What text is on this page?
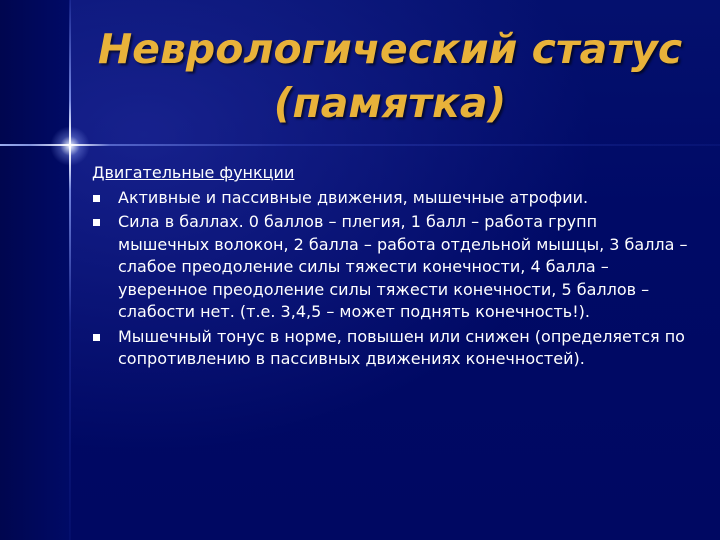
Неврологический статус
(памятка)
Двигательные функции
Активные и пассивные движения, мышечные атрофии.
Сила в баллах. 0 баллов – плегия, 1 балл – работа групп мышечных волокон, 2 балла – работа отдельной мышцы, 3 балла – слабое преодоление силы тяжести конечности, 4 балла – уверенное преодоление силы тяжести конечности, 5 баллов – слабости нет. (т.е. 3,4,5 – может поднять конечность!).
Мышечный тонус в норме, повышен или снижен (определяется по сопротивлению в пассивных движениях конечностей).
